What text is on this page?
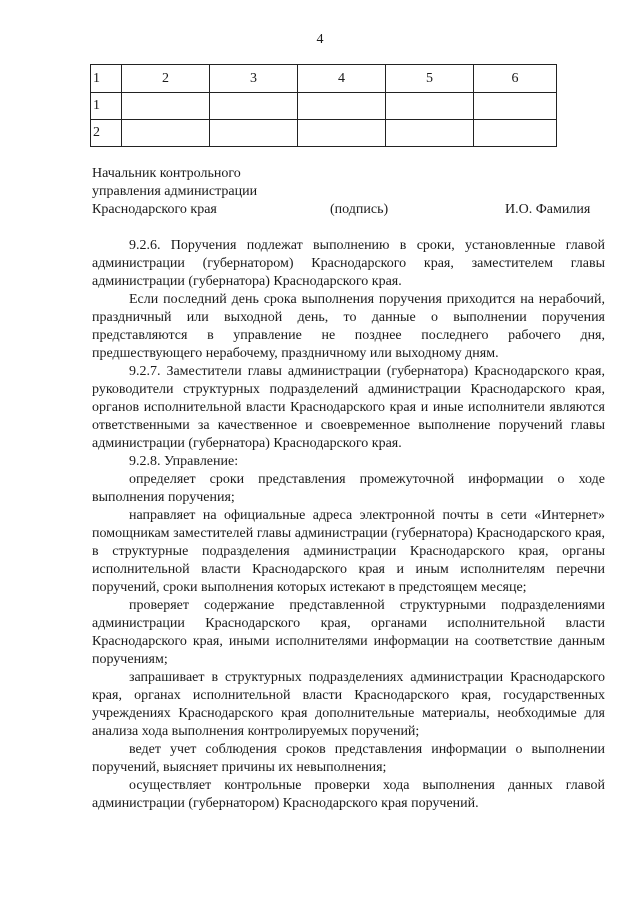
4
1	2	3	4	5	6
1					
2					
Начальник контрольного
управления администрации
Краснодарского края	(подпись)	И.О. Фамилия

9.2.6. Поручения подлежат выполнению в сроки, установленные главой администрации (губернатором) Краснодарского края, заместителем главы администрации (губернатора) Краснодарского края.

Если последний день срока выполнения поручения приходится на нерабочий, праздничный или выходной день, то данные о выполнении поручения представляются в управление не позднее последнего рабочего дня, предшествующего нерабочему, праздничному или выходному дням.

9.2.7. Заместители главы администрации (губернатора) Краснодарского края, руководители структурных подразделений администрации Краснодарского края, органов исполнительной власти Краснодарского края и иные исполнители являются ответственными за качественное и своевременное выполнение поручений главы администрации (губернатора) Краснодарского края.

9.2.8. Управление:

определяет сроки представления промежуточной информации о ходе выполнения поручения;

направляет на официальные адреса электронной почты в сети «Интернет» помощникам заместителей главы администрации (губернатора) Краснодарского края, в структурные подразделения администрации Краснодарского края, органы исполнительной власти Краснодарского края и иным исполнителям перечни поручений, сроки выполнения которых истекают в предстоящем месяце;

проверяет содержание представленной структурными подразделениями администрации Краснодарского края, органами исполнительной власти Краснодарского края, иными исполнителями информации на соответствие данным поручениям;

запрашивает в структурных подразделениях администрации Краснодарского края, органах исполнительной власти Краснодарского края, государственных учреждениях Краснодарского края дополнительные материалы, необходимые для анализа хода выполнения контролируемых поручений;

ведет учет соблюдения сроков представления информации о выполнении поручений, выясняет причины их невыполнения;

осуществляет контрольные проверки хода выполнения данных главой администрации (губернатором) Краснодарского края поручений.
